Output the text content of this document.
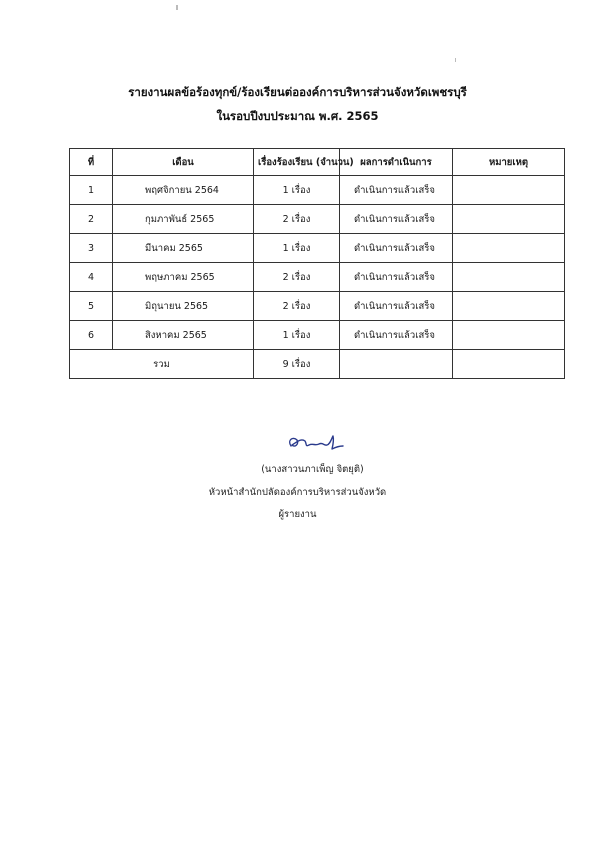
รายงานผลข้อร้องทุกข์/ร้องเรียนต่อองค์การบริหารส่วนจังหวัดเพชรบุรี
ในรอบปีงบประมาณ พ.ศ. 2565
ที่	เดือน	เรื่องร้องเรียน (จำนวน)	ผลการดำเนินการ	หมายเหตุ
1	พฤศจิกายน 2564	1 เรื่อง	ดำเนินการแล้วเสร็จ	
2	กุมภาพันธ์ 2565	2 เรื่อง	ดำเนินการแล้วเสร็จ	
3	มีนาคม 2565	1 เรื่อง	ดำเนินการแล้วเสร็จ	
4	พฤษภาคม 2565	2 เรื่อง	ดำเนินการแล้วเสร็จ	
5	มิถุนายน 2565	2 เรื่อง	ดำเนินการแล้วเสร็จ	
6	สิงหาคม 2565	1 เรื่อง	ดำเนินการแล้วเสร็จ	
รวม		9 เรื่อง		
(นางสาวนภาเพ็ญ จิตยุติ)
หัวหน้าสำนักปลัดองค์การบริหารส่วนจังหวัด
ผู้รายงาน
